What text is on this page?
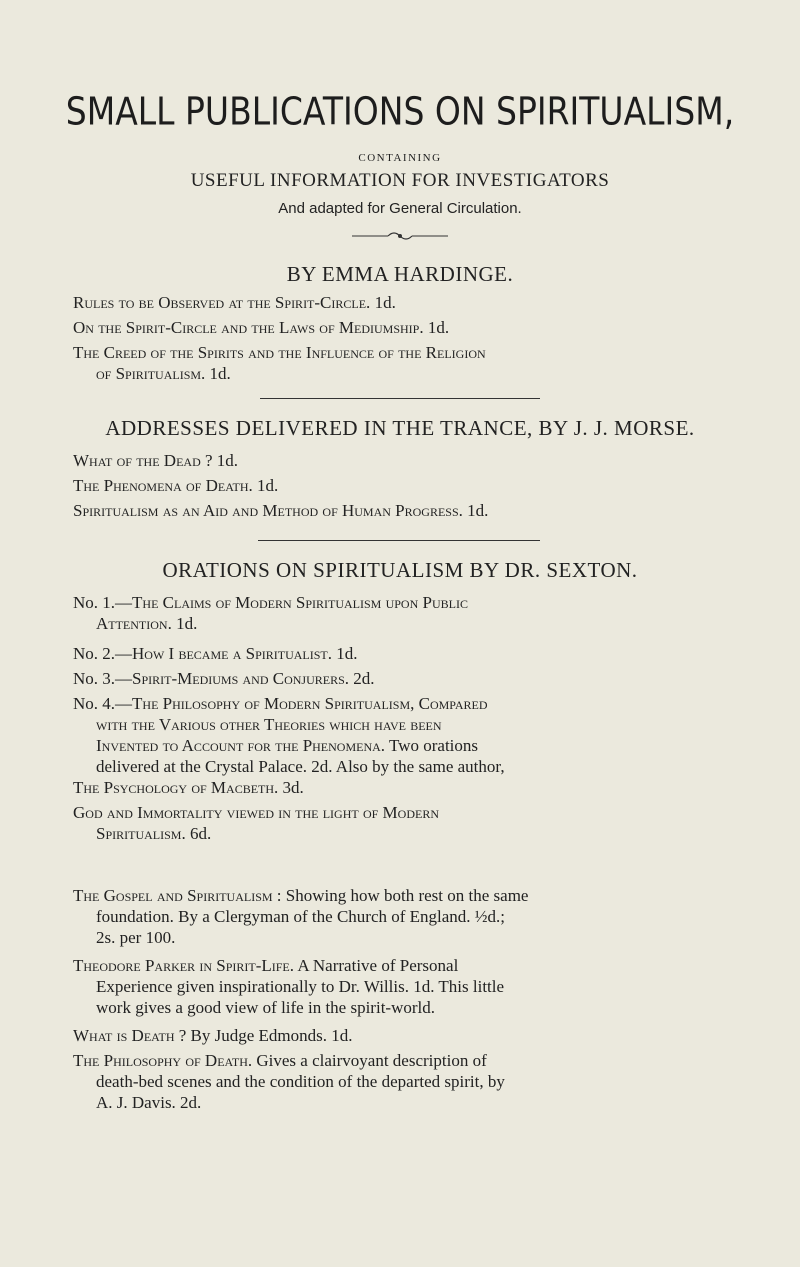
SMALL PUBLICATIONS ON SPIRITUALISM,
CONTAINING
USEFUL INFORMATION FOR INVESTIGATORS
And adapted for General Circulation.
BY EMMA HARDINGE.
Rules to be Observed at the Spirit-Circle. 1d.
On the Spirit-Circle and the Laws of Mediumship. 1d.
The Creed of the Spirits and the Influence of the Religion
of Spiritualism. 1d.
ADDRESSES DELIVERED IN THE TRANCE, BY J. J. MORSE.
What of the Dead ? 1d.
The Phenomena of Death. 1d.
Spiritualism as an Aid and Method of Human Progress. 1d.
ORATIONS ON SPIRITUALISM BY DR. SEXTON.
No. 1.—The Claims of Modern Spiritualism upon Public
Attention. 1d.
No. 2.—How I became a Spiritualist. 1d.
No. 3.—Spirit-Mediums and Conjurers. 2d.
No. 4.—The Philosophy of Modern Spiritualism, Compared
with the Various other Theories which have been
Invented to Account for the Phenomena. Two orations
delivered at the Crystal Palace. 2d. Also by the same author,
The Psychology of Macbeth. 3d.
God and Immortality viewed in the light of Modern
Spiritualism. 6d.
The Gospel and Spiritualism : Showing how both rest on the same
foundation. By a Clergyman of the Church of England. ½d.;
2s. per 100.
Theodore Parker in Spirit-Life. A Narrative of Personal
Experience given inspirationally to Dr. Willis. 1d. This little
work gives a good view of life in the spirit-world.
What is Death ? By Judge Edmonds. 1d.
The Philosophy of Death. Gives a clairvoyant description of
death-bed scenes and the condition of the departed spirit, by
A. J. Davis. 2d.
